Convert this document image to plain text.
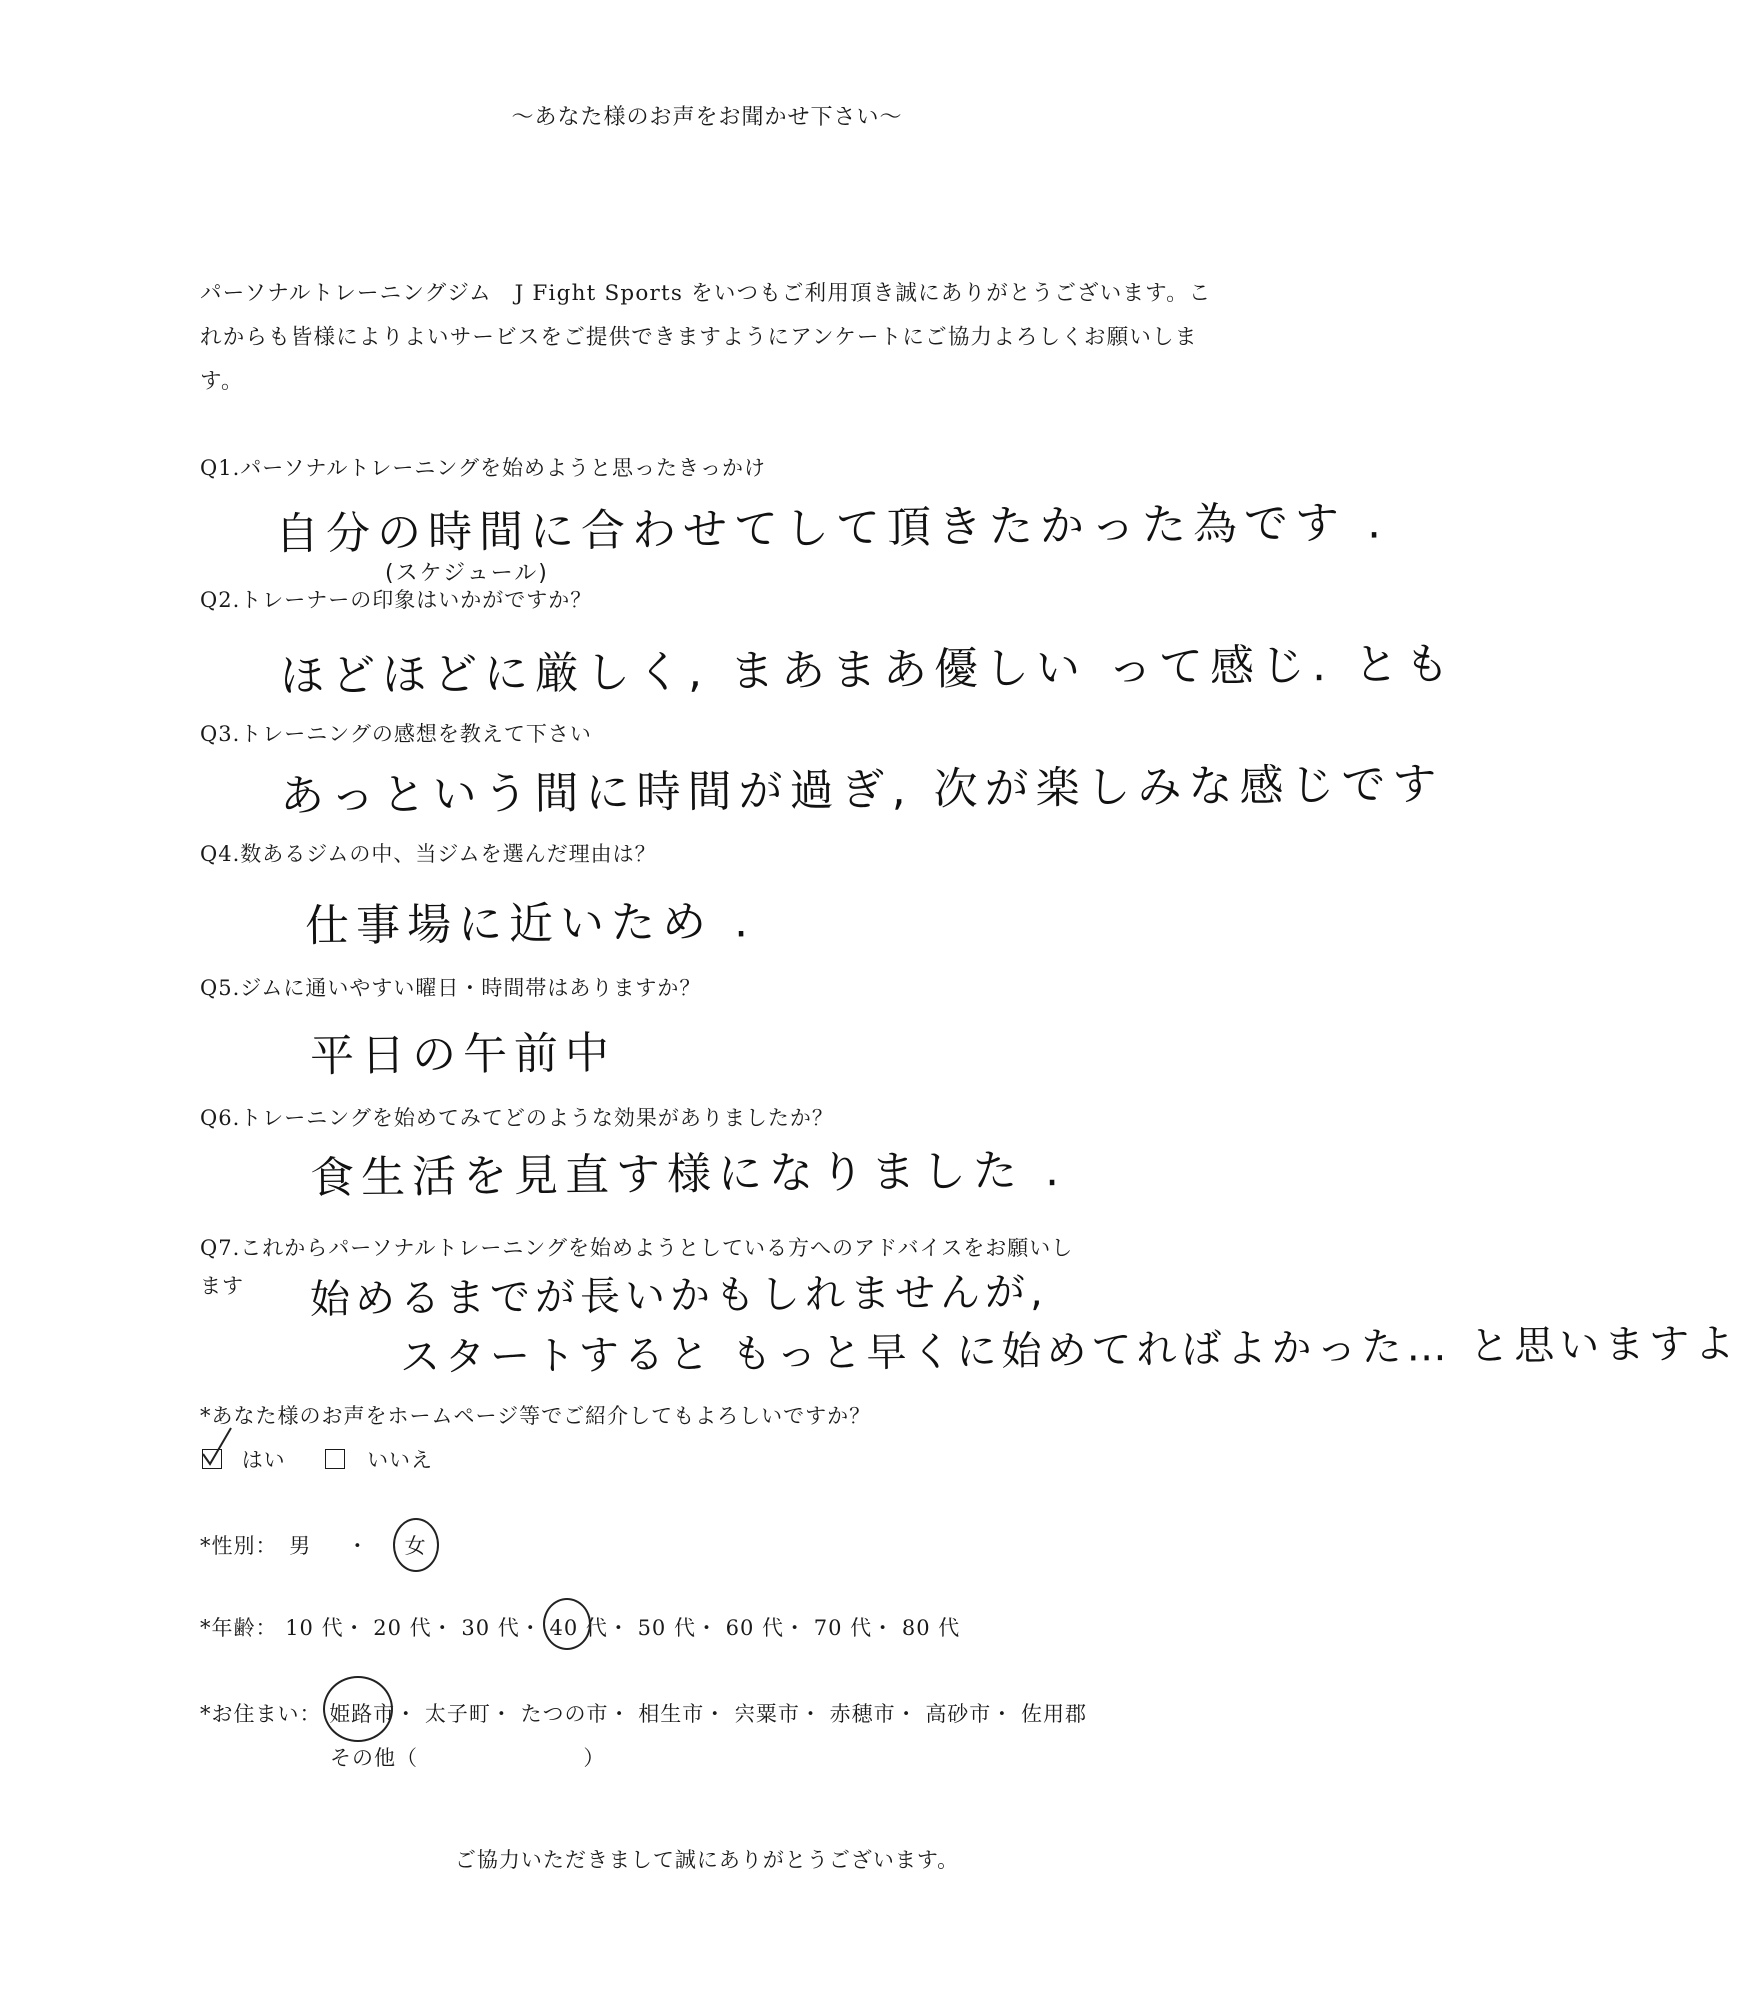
～あなた様のお声をお聞かせ下さい～
パーソナルトレーニングジム　J Fight Sports をいつもご利用頂き誠にありがとうございます。これからも皆様によりよいサービスをご提供できますようにアンケートにご協力よろしくお願いします。
Q1.パーソナルトレーニングを始めようと思ったきっかけ
自分の時間に合わせてして頂きたかった為です .
(スケジュール)
Q2.トレーナーの印象はいかがですか？
ほどほどに厳しく, まあまあ優しい って感じ. とも
Q3.トレーニングの感想を教えて下さい
あっという間に時間が過ぎ, 次が楽しみな感じです
Q4.数あるジムの中、当ジムを選んだ理由は？
仕事場に近いため .
Q5.ジムに通いやすい曜日・時間帯はありますか？
平日の午前中
Q6.トレーニングを始めてみてどのような効果がありましたか？
食生活を見直す様になりました .
Q7.これからパーソナルトレーニングを始めようとしている方へのアドバイスをお願いし
ます 始めるまでが長いかもしれませんが,
スタートすると もっと早くに始めてればよかった… と思いますよ
*あなた様のお声をホームページ等でご紹介してもよろしいですか？
はい	いいえ
*性別： 男 ・ 女
*年齢： 10 代・ 20 代・ 30 代・ 40 代
・ 50 代・ 60 代・ 70 代・ 80 代
*お住まい： 姫路市
・ 太子町・ たつの市・ 相生市・ 宍粟市・ 赤穂市・ 高砂市・ 佐用郡
その他（	）
ご協力いただきまして誠にありがとうございます。
